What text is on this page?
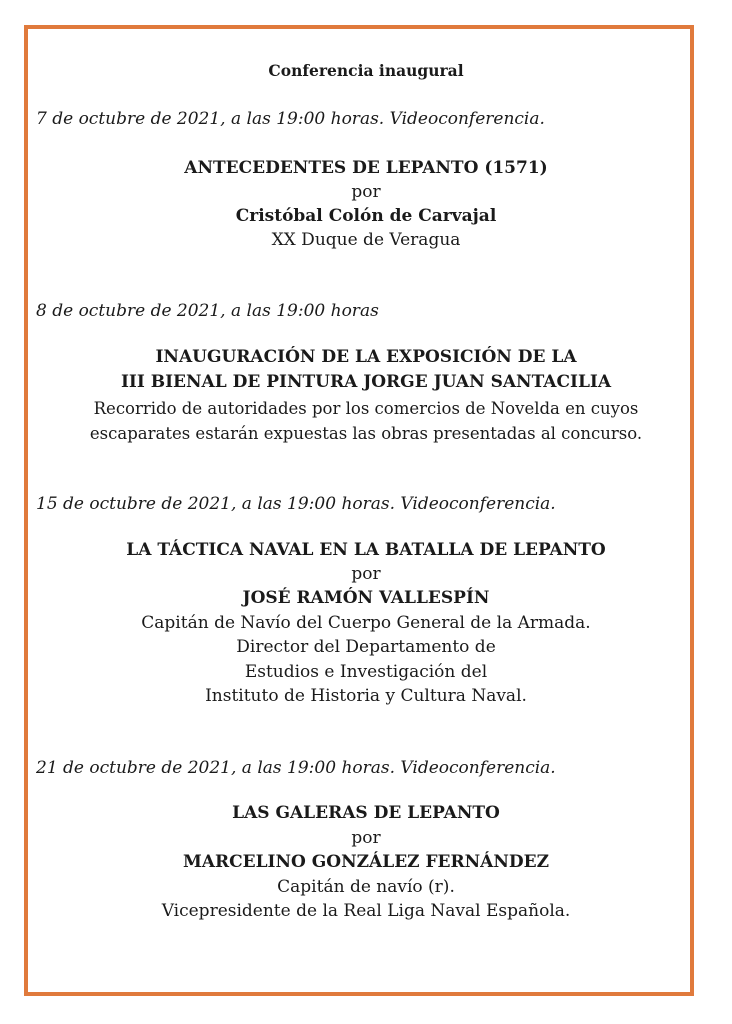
Conferencia inaugural

7 de octubre de 2021, a las 19:00 horas. Videoconferencia.

ANTECEDENTES DE LEPANTO (1571)

por

Cristóbal Colón de Carvajal

XX Duque de Veragua

8 de octubre de 2021, a las 19:00 horas

INAUGURACIÓN DE LA EXPOSICIÓN DE LA

III BIENAL DE PINTURA JORGE JUAN SANTACILIA

Recorrido de autoridades por los comercios de Novelda en cuyos

escaparates estarán expuestas las obras presentadas al concurso.

15 de octubre de 2021, a las 19:00 horas. Videoconferencia.

LA TÁCTICA NAVAL EN LA BATALLA DE LEPANTO

por

JOSÉ RAMÓN VALLESPÍN

Capitán de Navío del Cuerpo General de la Armada.

Director del Departamento de

Estudios e Investigación del

Instituto de Historia y Cultura Naval.

21 de octubre de 2021, a las 19:00 horas. Videoconferencia.

LAS GALERAS DE LEPANTO

por

MARCELINO GONZÁLEZ FERNÁNDEZ

Capitán de navío (r).

Vicepresidente de la Real Liga Naval Española.
